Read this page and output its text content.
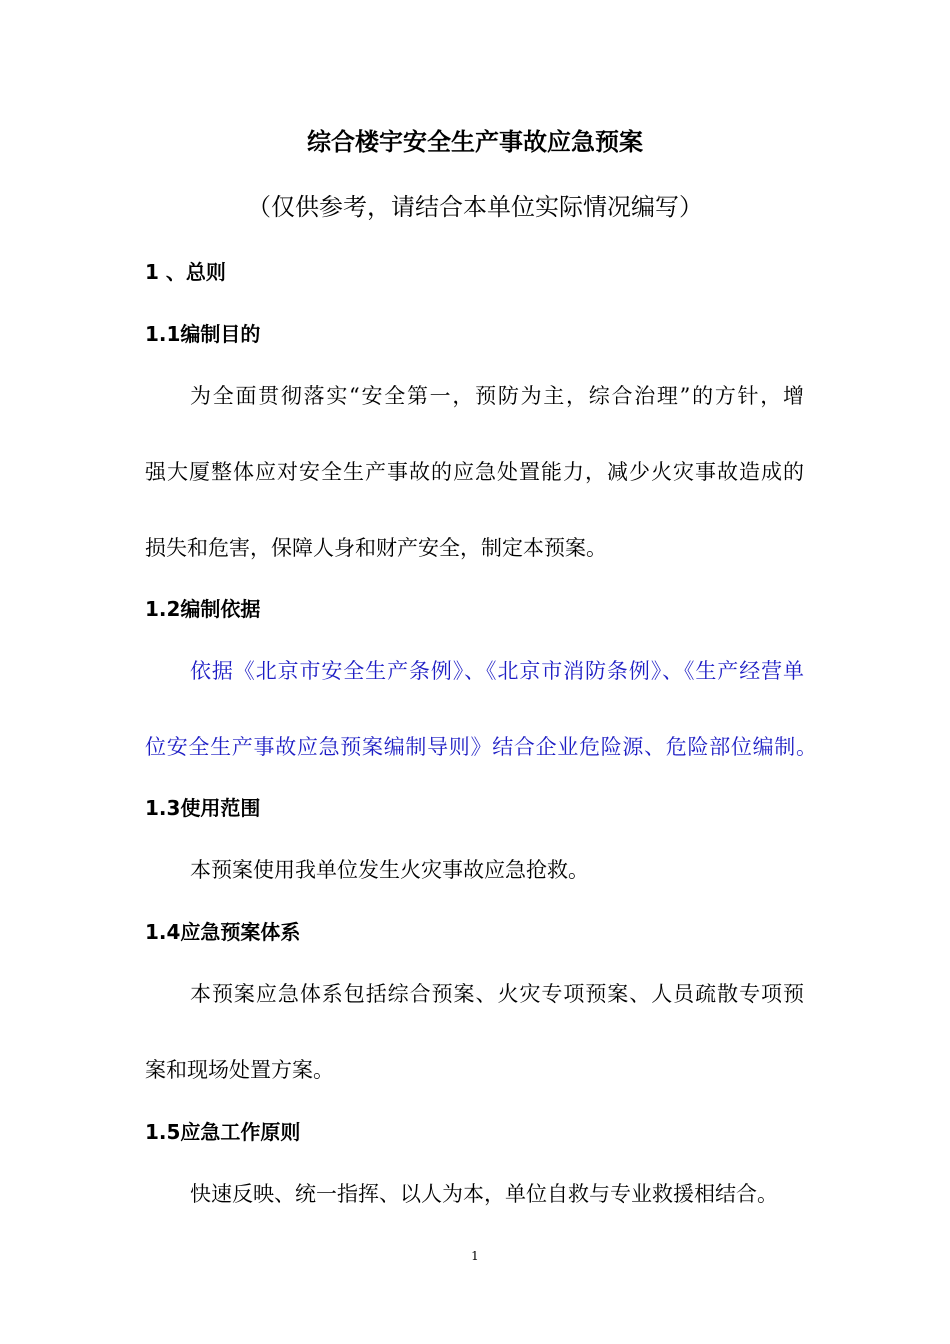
综合楼宇安全生产事故应急预案
（仅供参考，请结合本单位实际情况编写）
1 、总则
1.1编制目的
为全面贯彻落实“安全第一，预防为主，综合治理”的方针，增
强大厦整体应对安全生产事故的应急处置能力，减少火灾事故造成的
损失和危害，保障人身和财产安全，制定本预案。
1.2编制依据
依据《北京市安全生产条例》、《北京市消防条例》、《生产经营单
位安全生产事故应急预案编制导则》结合企业危险源、危险部位编制。
1.3使用范围
本预案使用我单位发生火灾事故应急抢救。
1.4应急预案体系
本预案应急体系包括综合预案、火灾专项预案、人员疏散专项预
案和现场处置方案。
1.5应急工作原则
快速反映、统一指挥、以人为本，单位自救与专业救援相结合。
1
